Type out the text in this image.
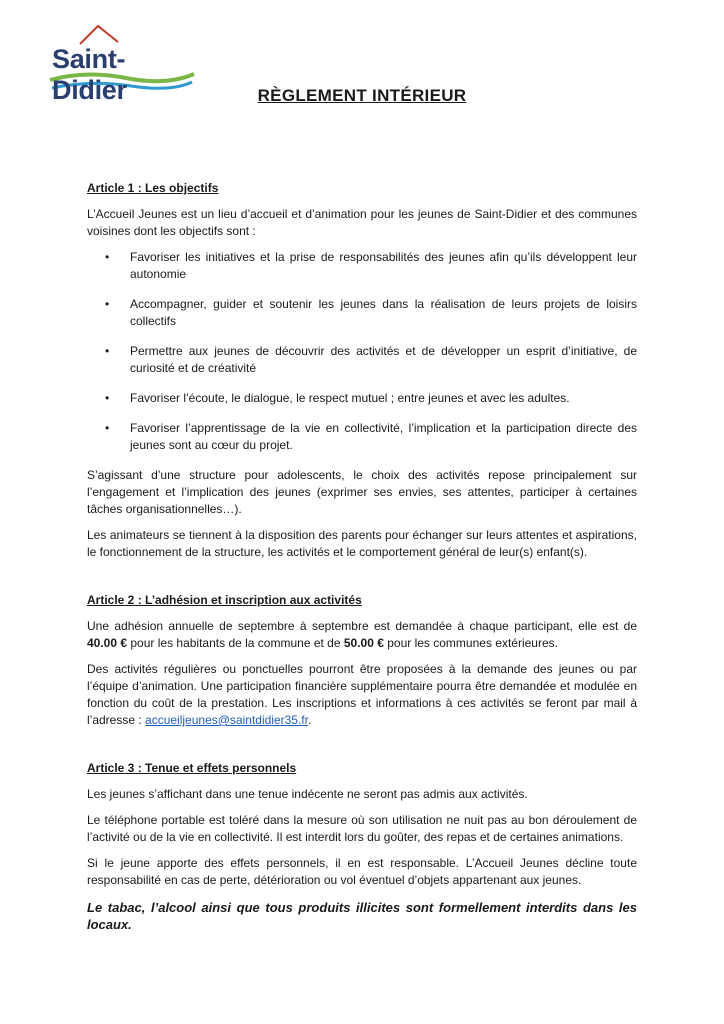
Saint-Didier	RÈGLEMENT INTÉRIEUR
Article 1 : Les objectifs

L’Accueil Jeunes est un lieu d’accueil et d’animation pour les jeunes de Saint-Didier et des communes voisines dont les objectifs sont :

• Favoriser les initiatives et la prise de responsabilités des jeunes afin qu’ils développent leur autonomie
• Accompagner, guider et soutenir les jeunes dans la réalisation de leurs projets de loisirs collectifs
• Permettre aux jeunes de découvrir des activités et de développer un esprit d’initiative, de curiosité et de créativité
• Favoriser l’écoute, le dialogue, le respect mutuel ; entre jeunes et avec les adultes.
• Favoriser l’apprentissage de la vie en collectivité, l’implication et la participation directe des jeunes sont au cœur du projet.

S’agissant d’une structure pour adolescents, le choix des activités repose principalement sur l’engagement et l’implication des jeunes (exprimer ses envies, ses attentes, participer à certaines tâches organisationnelles…).

Les animateurs se tiennent à la disposition des parents pour échanger sur leurs attentes et aspirations, le fonctionnement de la structure, les activités et le comportement général de leur(s) enfant(s).

Article 2 : L’adhésion et inscription aux activités

Une adhésion annuelle de septembre à septembre est demandée à chaque participant, elle est de 40.00 € pour les habitants de la commune et de 50.00 € pour les communes extérieures.

Des activités régulières ou ponctuelles pourront être proposées à la demande des jeunes ou par l’équipe d’animation. Une participation financière supplémentaire pourra être demandée et modulée en fonction du coût de la prestation. Les inscriptions et informations à ces activités se feront par mail à l’adresse : accueiljeunes@saintdidier35.fr.

Article 3 : Tenue et effets personnels

Les jeunes s’affichant dans une tenue indécente ne seront pas admis aux activités.

Le téléphone portable est toléré dans la mesure où son utilisation ne nuit pas au bon déroulement de l’activité ou de la vie en collectivité. Il est interdit lors du goûter, des repas et de certaines animations.

Si le jeune apporte des effets personnels, il en est responsable. L’Accueil Jeunes décline toute responsabilité en cas de perte, détérioration ou vol éventuel d’objets appartenant aux jeunes.

Le tabac, l’alcool ainsi que tous produits illicites sont formellement interdits dans les locaux.
